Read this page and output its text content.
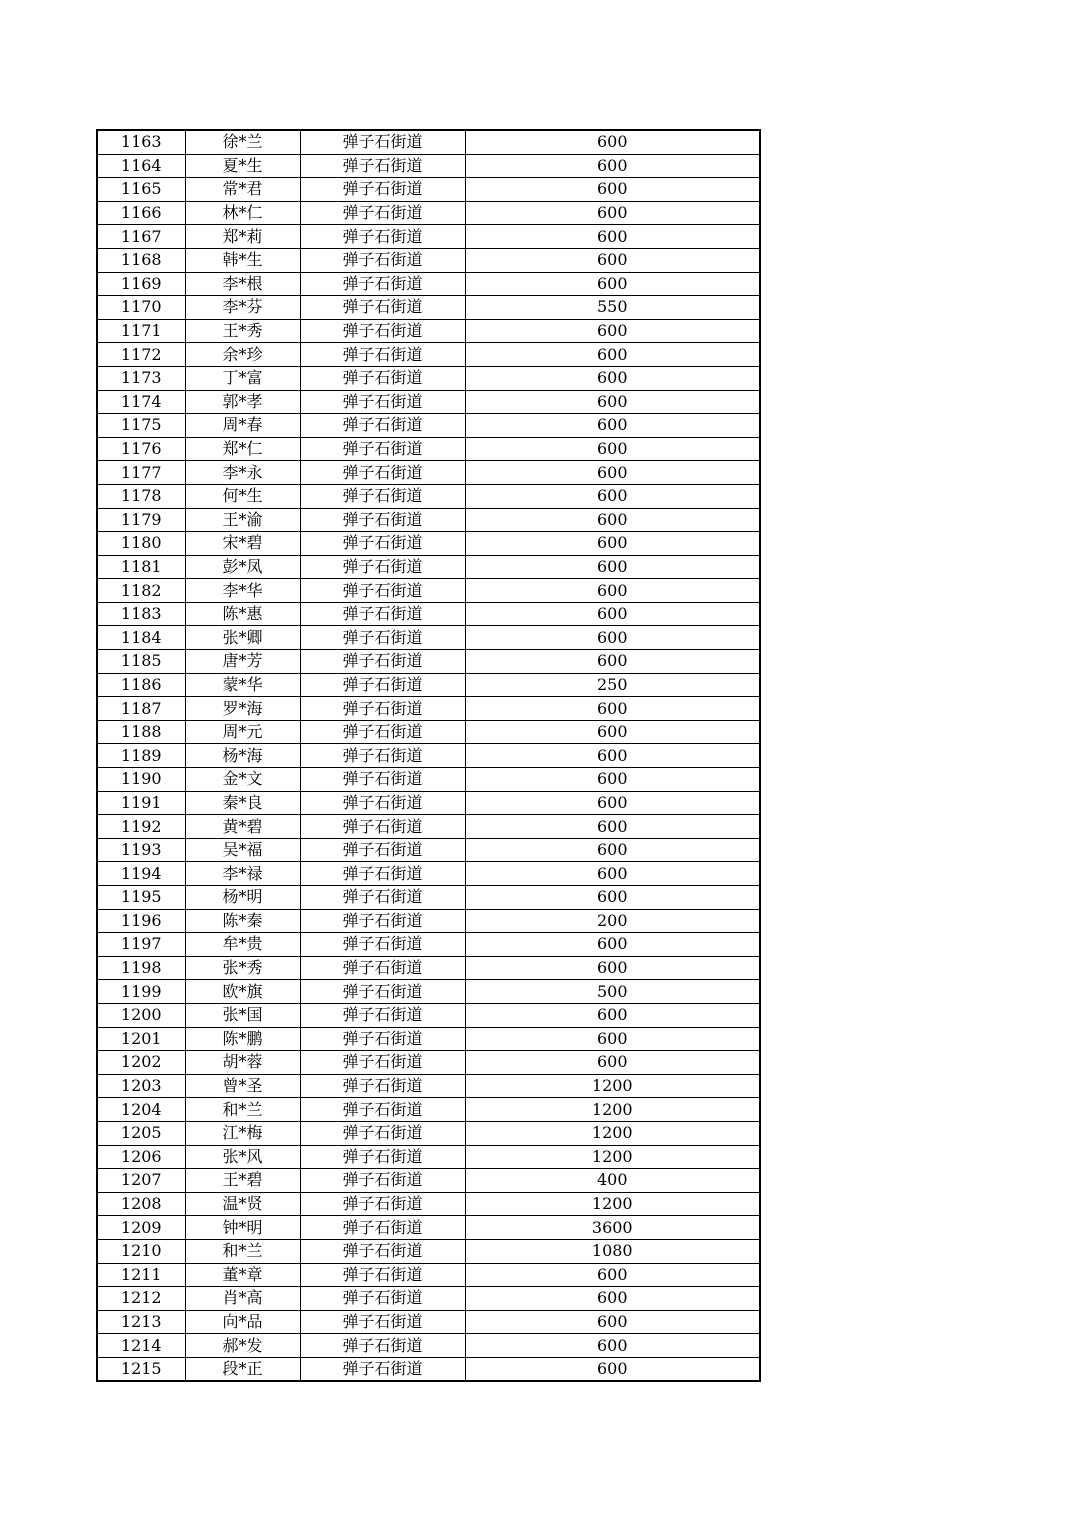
1163	徐*兰	弹子石街道	600
1164	夏*生	弹子石街道	600
1165	常*君	弹子石街道	600
1166	林*仁	弹子石街道	600
1167	郑*莉	弹子石街道	600
1168	韩*生	弹子石街道	600
1169	李*根	弹子石街道	600
1170	李*芬	弹子石街道	550
1171	王*秀	弹子石街道	600
1172	余*珍	弹子石街道	600
1173	丁*富	弹子石街道	600
1174	郭*孝	弹子石街道	600
1175	周*春	弹子石街道	600
1176	郑*仁	弹子石街道	600
1177	李*永	弹子石街道	600
1178	何*生	弹子石街道	600
1179	王*渝	弹子石街道	600
1180	宋*碧	弹子石街道	600
1181	彭*凤	弹子石街道	600
1182	李*华	弹子石街道	600
1183	陈*惠	弹子石街道	600
1184	张*卿	弹子石街道	600
1185	唐*芳	弹子石街道	600
1186	蒙*华	弹子石街道	250
1187	罗*海	弹子石街道	600
1188	周*元	弹子石街道	600
1189	杨*海	弹子石街道	600
1190	金*文	弹子石街道	600
1191	秦*良	弹子石街道	600
1192	黄*碧	弹子石街道	600
1193	吴*福	弹子石街道	600
1194	李*禄	弹子石街道	600
1195	杨*明	弹子石街道	600
1196	陈*秦	弹子石街道	200
1197	牟*贵	弹子石街道	600
1198	张*秀	弹子石街道	600
1199	欧*旗	弹子石街道	500
1200	张*国	弹子石街道	600
1201	陈*鹏	弹子石街道	600
1202	胡*蓉	弹子石街道	600
1203	曾*圣	弹子石街道	1200
1204	和*兰	弹子石街道	1200
1205	江*梅	弹子石街道	1200
1206	张*风	弹子石街道	1200
1207	王*碧	弹子石街道	400
1208	温*贤	弹子石街道	1200
1209	钟*明	弹子石街道	3600
1210	和*兰	弹子石街道	1080
1211	董*章	弹子石街道	600
1212	肖*高	弹子石街道	600
1213	向*品	弹子石街道	600
1214	郝*发	弹子石街道	600
1215	段*正	弹子石街道	600
